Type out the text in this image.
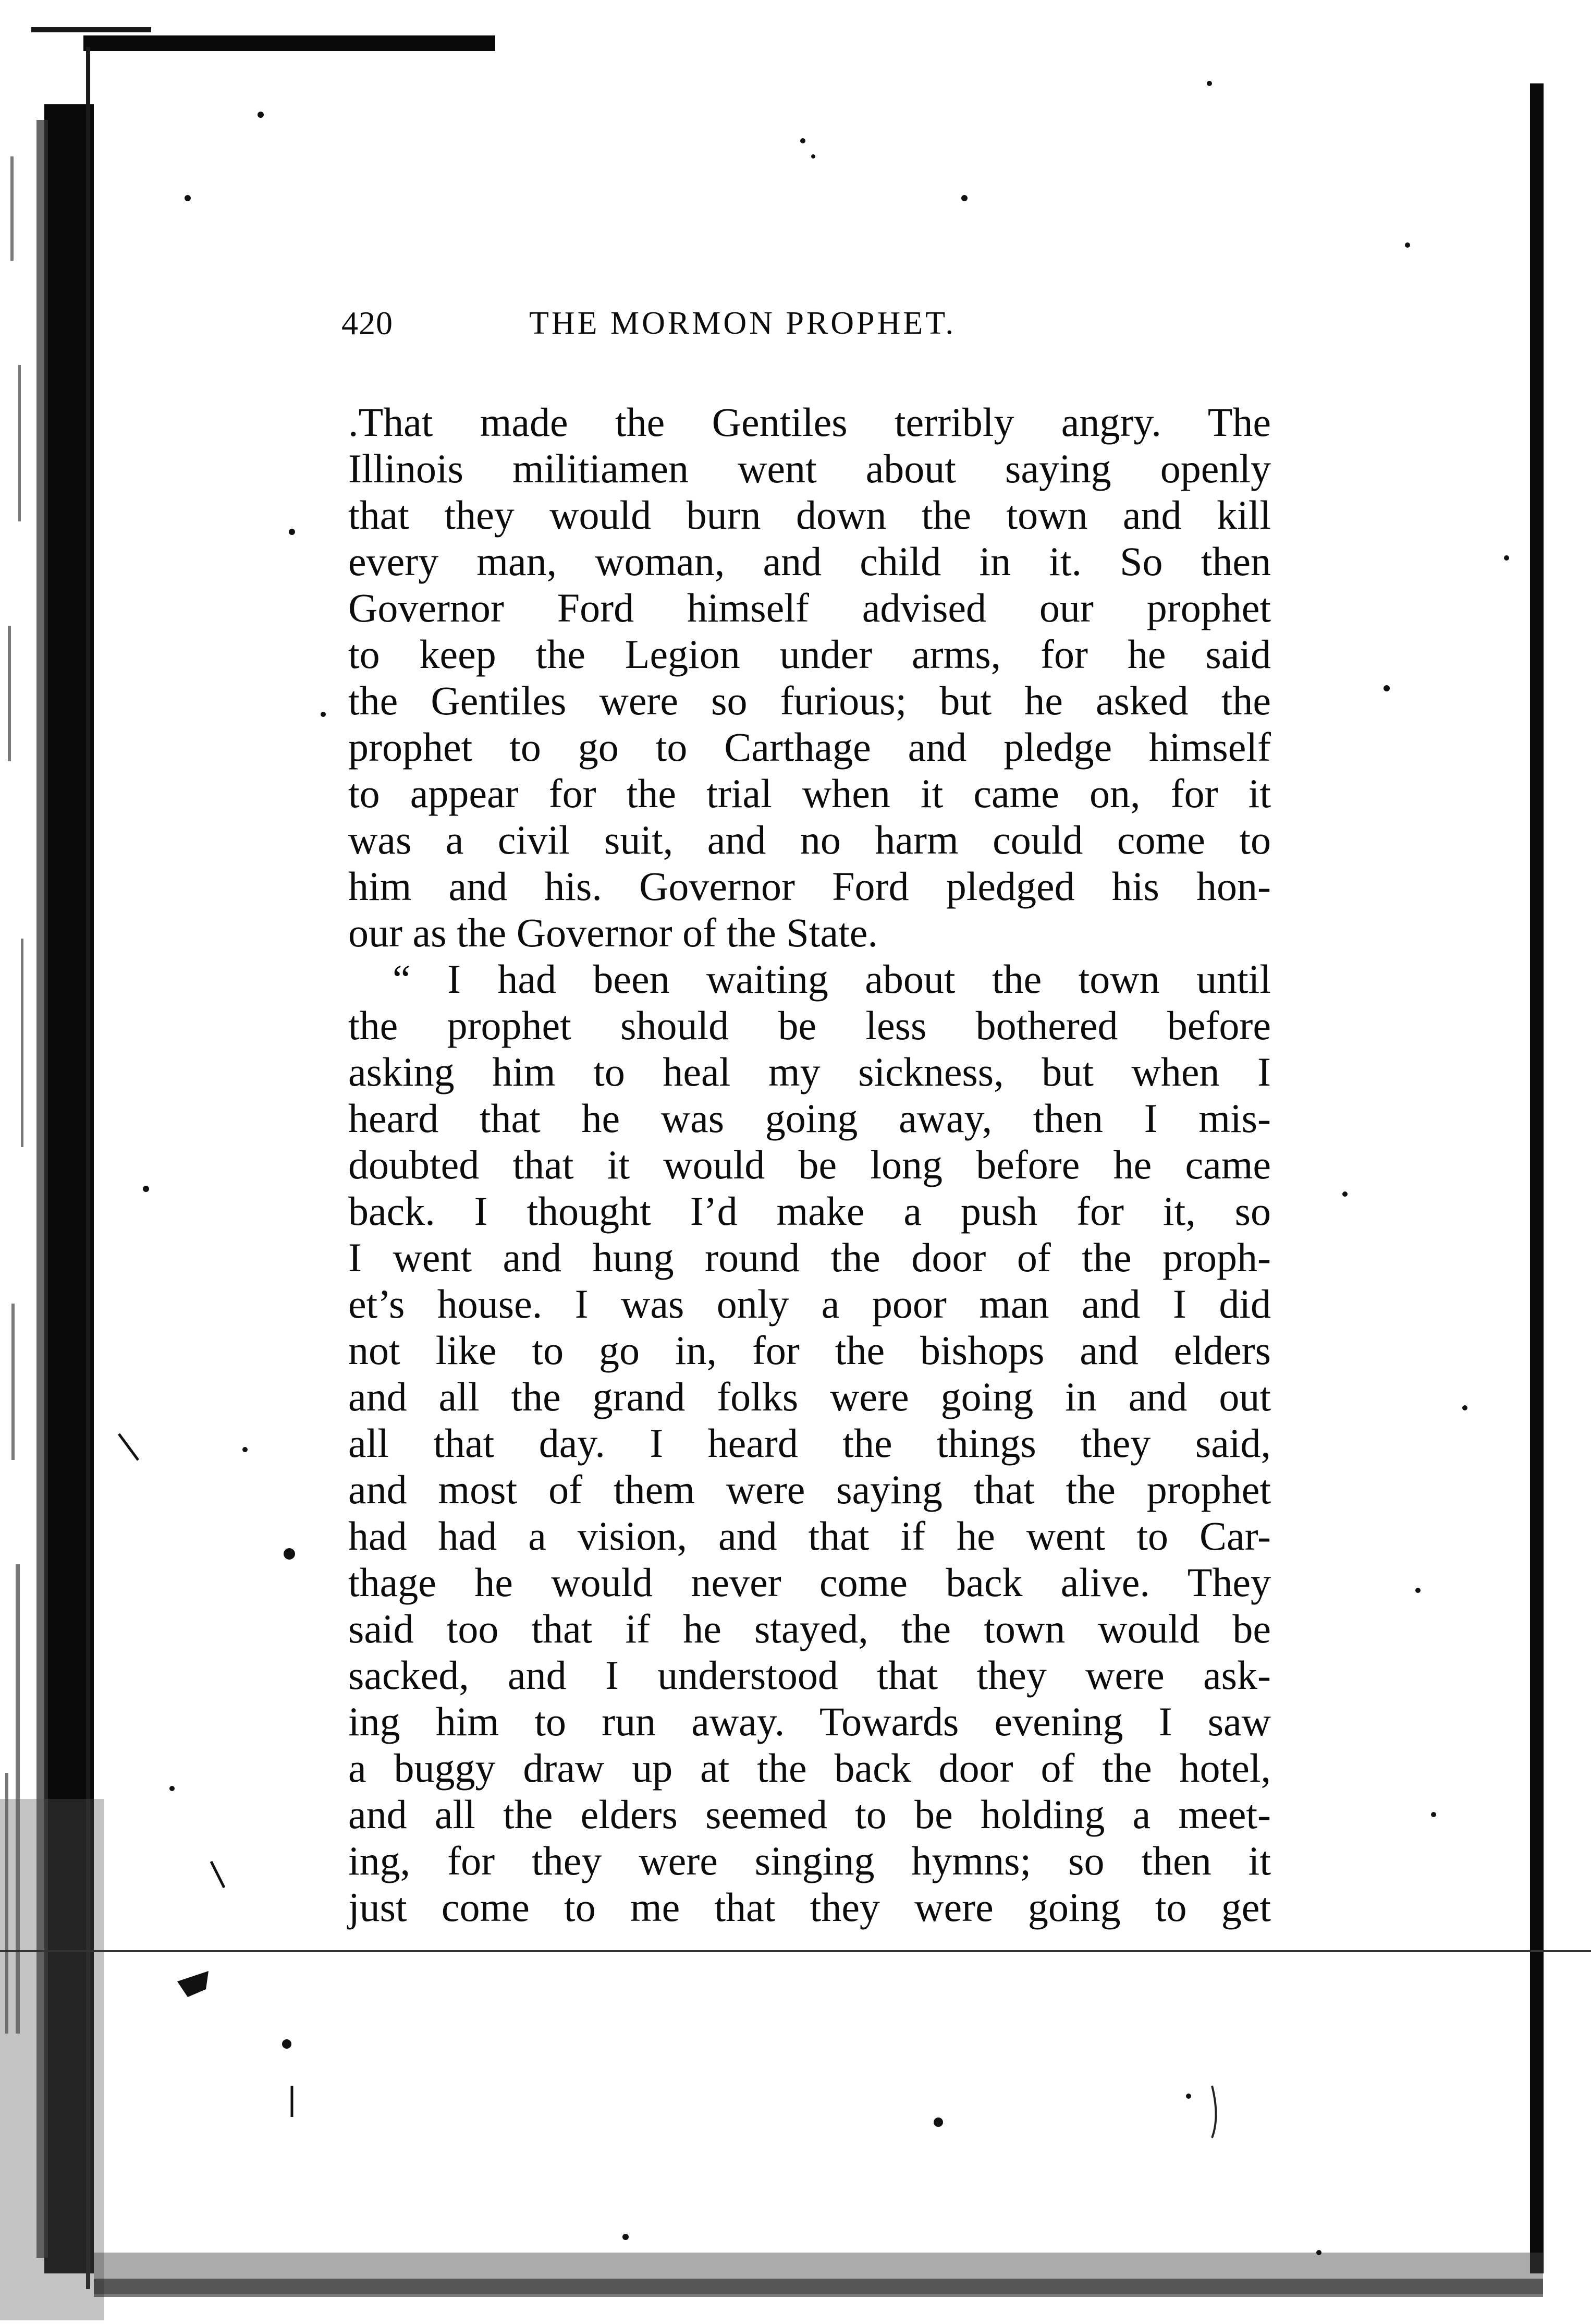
420	THE MORMON PROPHET.
.That made the Gentiles terribly angry. The
Illinois militiamen went about saying openly
that they would burn down the town and kill
every man, woman, and child in it. So then
Governor Ford himself advised our prophet
to keep the Legion under arms, for he said
the Gentiles were so furious; but he asked the
prophet to go to Carthage and pledge himself
to appear for the trial when it came on, for it
was a civil suit, and no harm could come to
him and his. Governor Ford pledged his hon-
our as the Governor of the State.
“ I had been waiting about the town until
the prophet should be less bothered before
asking him to heal my sickness, but when I
heard that he was going away, then I mis-
doubted that it would be long before he came
back. I thought I’d make a push for it, so
I went and hung round the door of the proph-
et’s house. I was only a poor man and I did
not like to go in, for the bishops and elders
and all the grand folks were going in and out
all that day. I heard the things they said,
and most of them were saying that the prophet
had had a vision, and that if he went to Car-
thage he would never come back alive. They
said too that if he stayed, the town would be
sacked, and I understood that they were ask-
ing him to run away. Towards evening I saw
a buggy draw up at the back door of the hotel,
and all the elders seemed to be holding a meet-
ing, for they were singing hymns; so then it
just come to me that they were going to get
